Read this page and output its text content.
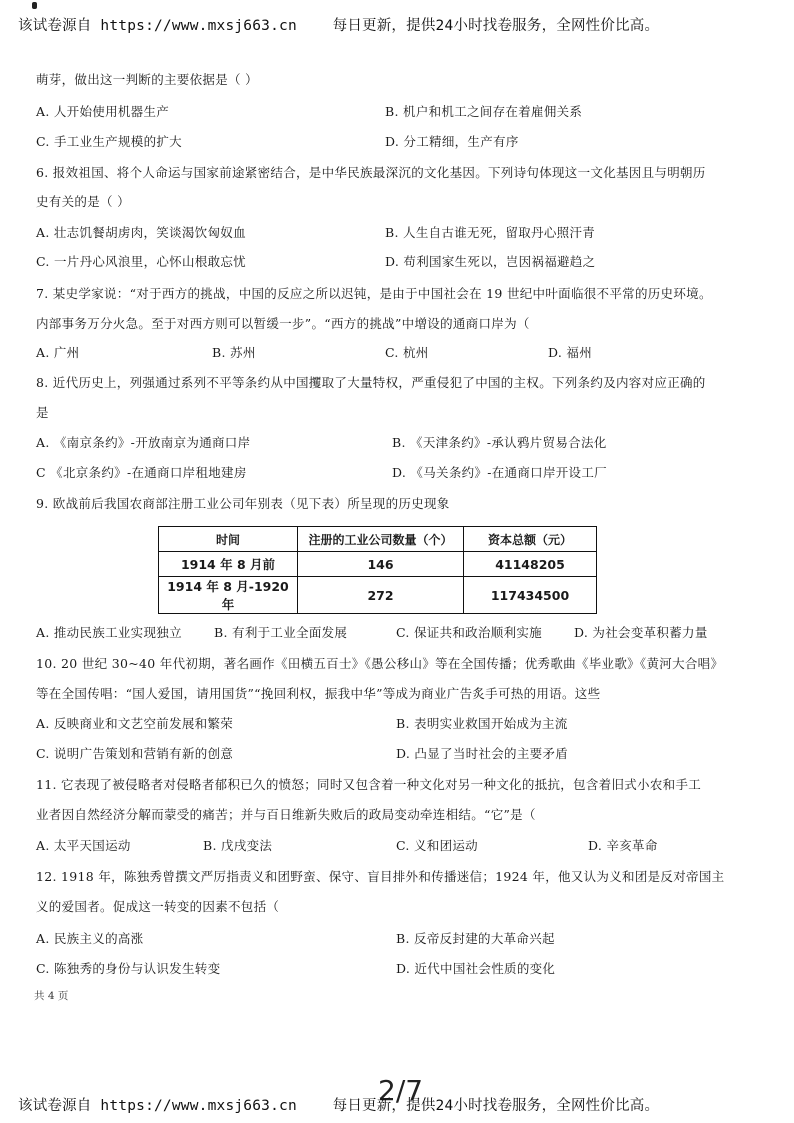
该试卷源自 https://www.mxsj663.cn 每日更新，提供24小时找卷服务，全网性价比高。
萌芽，做出这一判断的主要依据是（ ）
A. 人开始使用机器生产	B. 机户和机工之间存在着雇佣关系
C. 手工业生产规模的扩大	D. 分工精细，生产有序
6. 报效祖国、将个人命运与国家前途紧密结合，是中华民族最深沉的文化基因。下列诗句体现这一文化基因且与明朝历
史有关的是（ ）
A. 壮志饥餐胡虏肉，笑谈渴饮匈奴血	B. 人生自古谁无死，留取丹心照汗青
C. 一片丹心风浪里，心怀山根敢忘忧	D. 苟利国家生死以，岂因祸福避趋之
7. 某史学家说：“对于西方的挑战，中国的反应之所以迟钝，是由于中国社会在 19 世纪中叶面临很不平常的历史环境。
内部事务万分火急。至于对西方则可以暂缓一步”。“西方的挑战”中增设的通商口岸为（
A. 广州	B. 苏州	C. 杭州	D. 福州
8. 近代历史上，列强通过系列不平等条约从中国攫取了大量特权，严重侵犯了中国的主权。下列条约及内容对应正确的
是
A. 《南京条约》-开放南京为通商口岸	B. 《天津条约》-承认鸦片贸易合法化
C 《北京条约》-在通商口岸租地建房	D. 《马关条约》-在通商口岸开设工厂
9. 欧战前后我国农商部注册工业公司年别表（见下表）所呈现的历史现象
时间	注册的工业公司数量（个）	资本总额（元）
1914 年 8 月前	146	41148205
1914 年 8 月-1920 年	272	117434500
A. 推动民族工业实现独立	B. 有利于工业全面发展	C. 保证共和政治顺利实施	D. 为社会变革积蓄力量
10. 20 世纪 30~40 年代初期，著名画作《田横五百士》《愚公移山》等在全国传播；优秀歌曲《毕业歌》《黄河大合唱》
等在全国传唱：“国人爱国，请用国货”“挽回利权，振我中华”等成为商业广告炙手可热的用语。这些
A. 反映商业和文艺空前发展和繁荣	B. 表明实业救国开始成为主流
C. 说明广告策划和营销有新的创意	D. 凸显了当时社会的主要矛盾
11. 它表现了被侵略者对侵略者郁积已久的愤怒；同时又包含着一种文化对另一种文化的抵抗，包含着旧式小农和手工
业者因自然经济分解而蒙受的痛苦；并与百日维新失败后的政局变动牵连相结。“它”是（
A. 太平天国运动	B. 戊戌变法	C. 义和团运动	D. 辛亥革命
12. 1918 年，陈独秀曾撰文严厉指责义和团野蛮、保守、盲目排外和传播迷信；1924 年，他又认为义和团是反对帝国主
义的爱国者。促成这一转变的因素不包括（
A. 民族主义的高涨	B. 反帝反封建的大革命兴起
C. 陈独秀的身份与认识发生转变	D. 近代中国社会性质的变化
共 4 页
2/7
该试卷源自 https://www.mxsj663.cn 每日更新，提供24小时找卷服务，全网性价比高。
